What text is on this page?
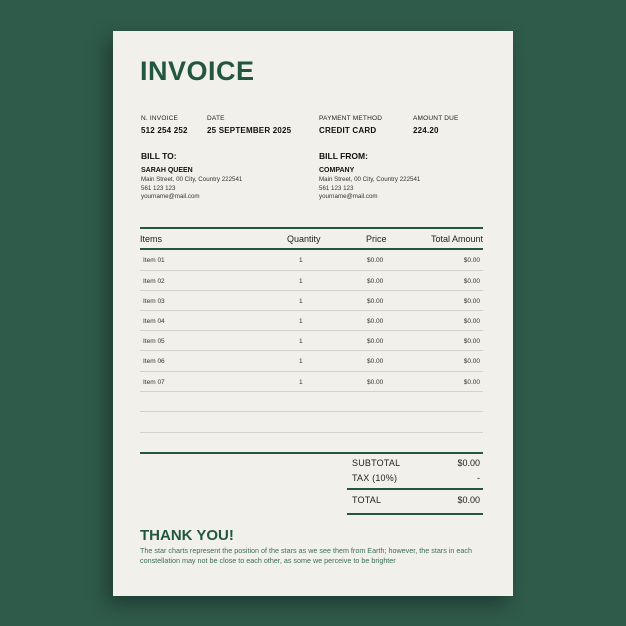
INVOICE
N. INVOICE
512 254 252
DATE
25 SEPTEMBER 2025
PAYMENT METHOD
CREDIT CARD
AMOUNT DUE
224.20
BILL TO:
SARAH QUEEN
Main Street, 00 City, Country 222541
561 123 123
yourname@mail.com
BILL FROM:
COMPANY
Main Street, 00 City, Country 222541
561 123 123
yourname@mail.com
Items	Quantity	Price	Total Amount
Item 01	1	$0.00	$0.00
Item 02	1	$0.00	$0.00
Item 03	1	$0.00	$0.00
Item 04	1	$0.00	$0.00
Item 05	1	$0.00	$0.00
Item 06	1	$0.00	$0.00
Item 07	1	$0.00	$0.00
SUBTOTAL	$0.00
TAX (10%)	-
TOTAL	$0.00
THANK YOU!
The star charts represent the position of the stars as we see them from Earth; however, the stars in each constellation may not be close to each other, as some we perceive to be brighter
